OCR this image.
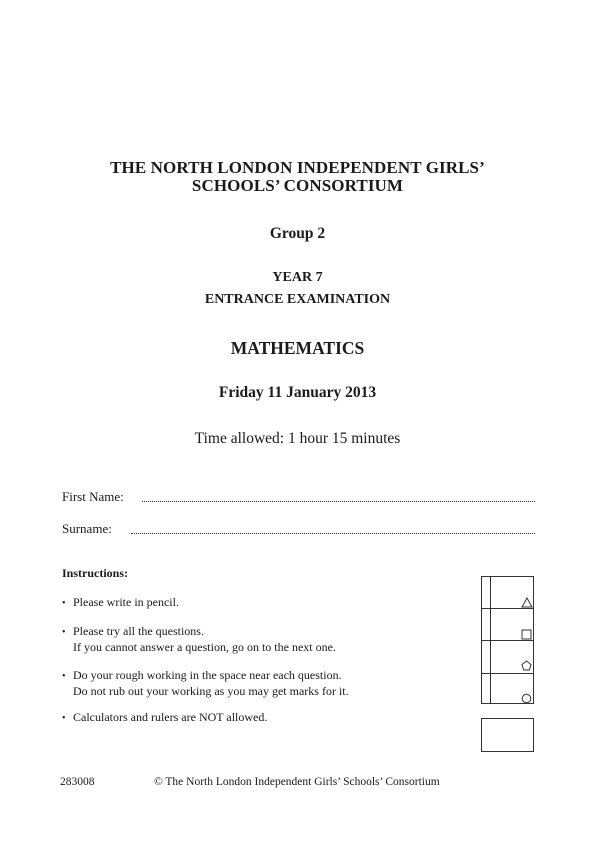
THE NORTH LONDON INDEPENDENT GIRLS’
SCHOOLS’ CONSORTIUM
Group 2
YEAR 7
ENTRANCE EXAMINATION
MATHEMATICS
Friday 11 January 2013
Time allowed: 1 hour 15 minutes
First Name:
Surname:
Instructions:
• Please write in pencil.
• Please try all the questions.
If you cannot answer a question, go on to the next one.
• Do your rough working in the space near each question.
Do not rub out your working as you may get marks for it.
• Calculators and rulers are NOT allowed.
283008	© The North London Independent Girls’ Schools’ Consortium
